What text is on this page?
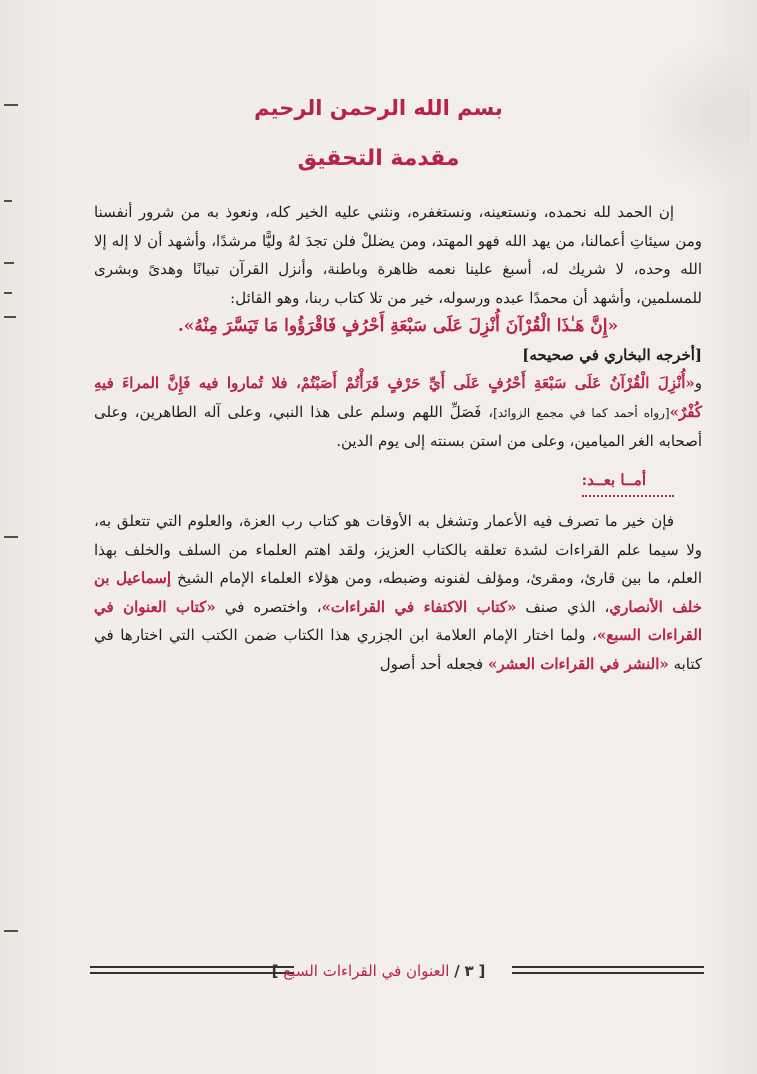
بسم الله الرحمن الرحيم
مقدمة التحقيق

إن الحمد لله نحمده، ونستعينه، ونستغفره، ونثني عليه الخير كله، ونعوذ به من شرور أنفسنا ومن سيئاتِ أعمالنا، من يهد الله فهو المهتد، ومن يضللْ فلن تجدَ لهُ وليًّا مرشدًا، وأشهد أن لا إله إلا الله وحده، لا شريك له، أسبغ علينا نعمه ظاهرة وباطنة، وأنزل القرآن تبيانًا وهدىً وبشرى للمسلمين، وأشهد أن محمدًا عبده ورسوله، خير من تلا كتاب ربنا، وهو القائل:

«إِنَّ هَـٰذَا الْقُرْآنَ أُنْزِلَ عَلَى سَبْعَةِ أَحْرُفٍ فَاقْرَؤُوا مَا تَيَسَّرَ مِنْهُ».

[أخرجه البخاري في صحيحه]

و«أُنْزِلَ الْقُرْآنُ عَلَى سَبْعَةِ أَحْرُفٍ عَلَى أَيِّ حَرْفٍ قَرَأْتُمْ أَصَبْتُمْ، فلا تُماروا فيه فَإِنَّ المراءَ فيهِ كُفْرٌ»[رواه أحمد كما في مجمع الزوائد]، فَصَلِّ اللهم وسلم على هذا النبي، وعلى آله الطاهرين، وعلى أصحابه الغر الميامين، وعلى من استن بسنته إلى يوم الدين.

أمــا بعــد:

فإن خير ما تصرف فيه الأعمار وتشغل به الأوقات هو كتاب رب العزة، والعلوم التي تتعلق به، ولا سيما علم القراءات لشدة تعلقه بالكتاب العزيز، ولقد اهتم العلماء من السلف والخلف بهذا العلم، ما بين قارئ، ومقرئ، ومؤلف لفنونه وضبطه، ومن هؤلاء العلماء الإمام الشيخ إسماعيل بن خلف الأنصاري، الذي صنف «كتاب الاكتفاء في القراءات»، واختصره في «كتاب العنوان في القراءات السبع»، ولما اختار الإمام العلامة ابن الجزري هذا الكتاب ضمن الكتب التي اختارها في كتابه «النشر في القراءات العشر» فجعله أحد أصول

[ ٣ / العنوان في القراءات السبع ]
